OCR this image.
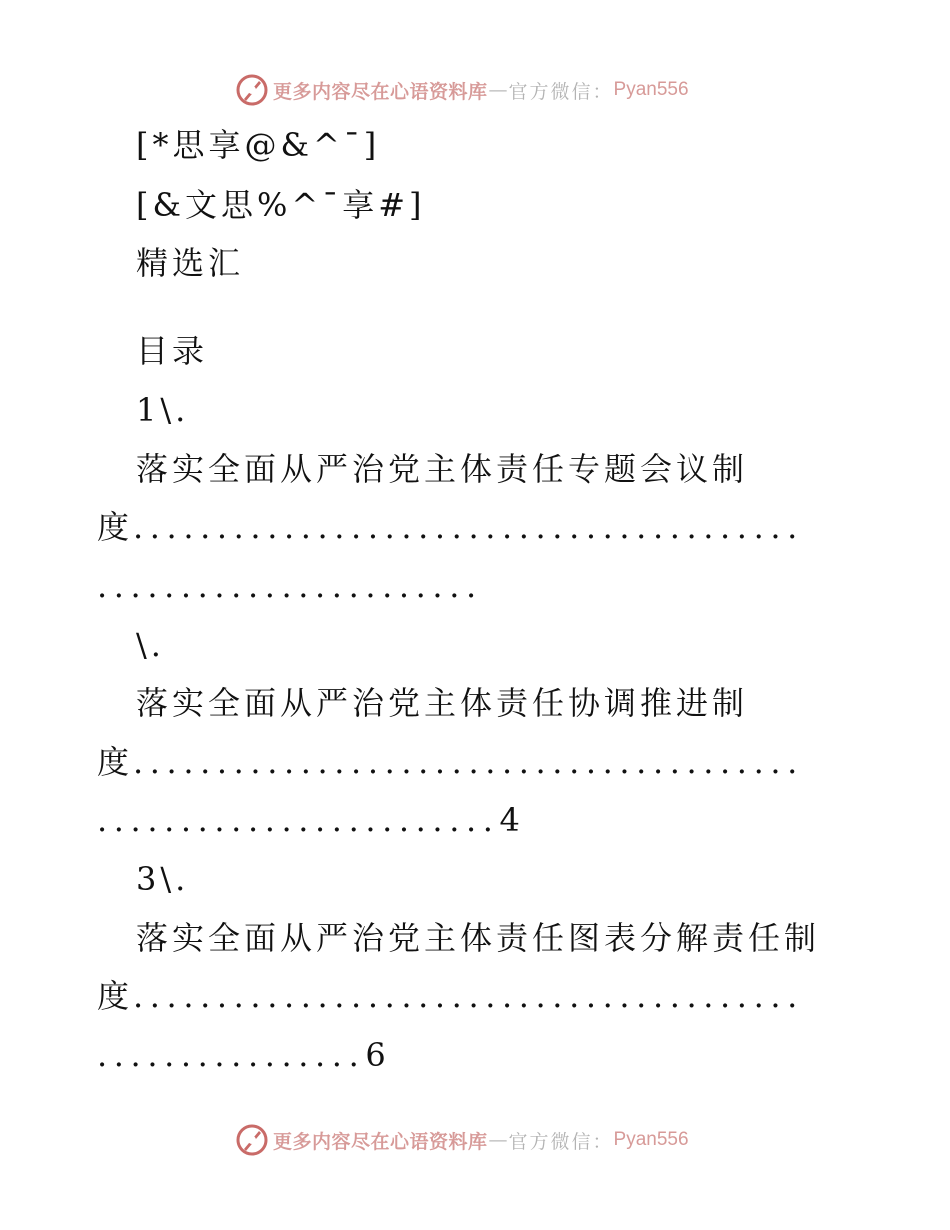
更多内容尽在心语资料库 — 官方微信： Pyan556
[*思享@&^¯]
[&文思%^¯享#]
精选汇
目录
1\.
落实全面从严治党主体责任专题会议制
度........................................
.......................
\.
落实全面从严治党主体责任协调推进制
度........................................
........................4
3\.
落实全面从严治党主体责任图表分解责任制
度........................................
................6
更多内容尽在心语资料库 — 官方微信： Pyan556
